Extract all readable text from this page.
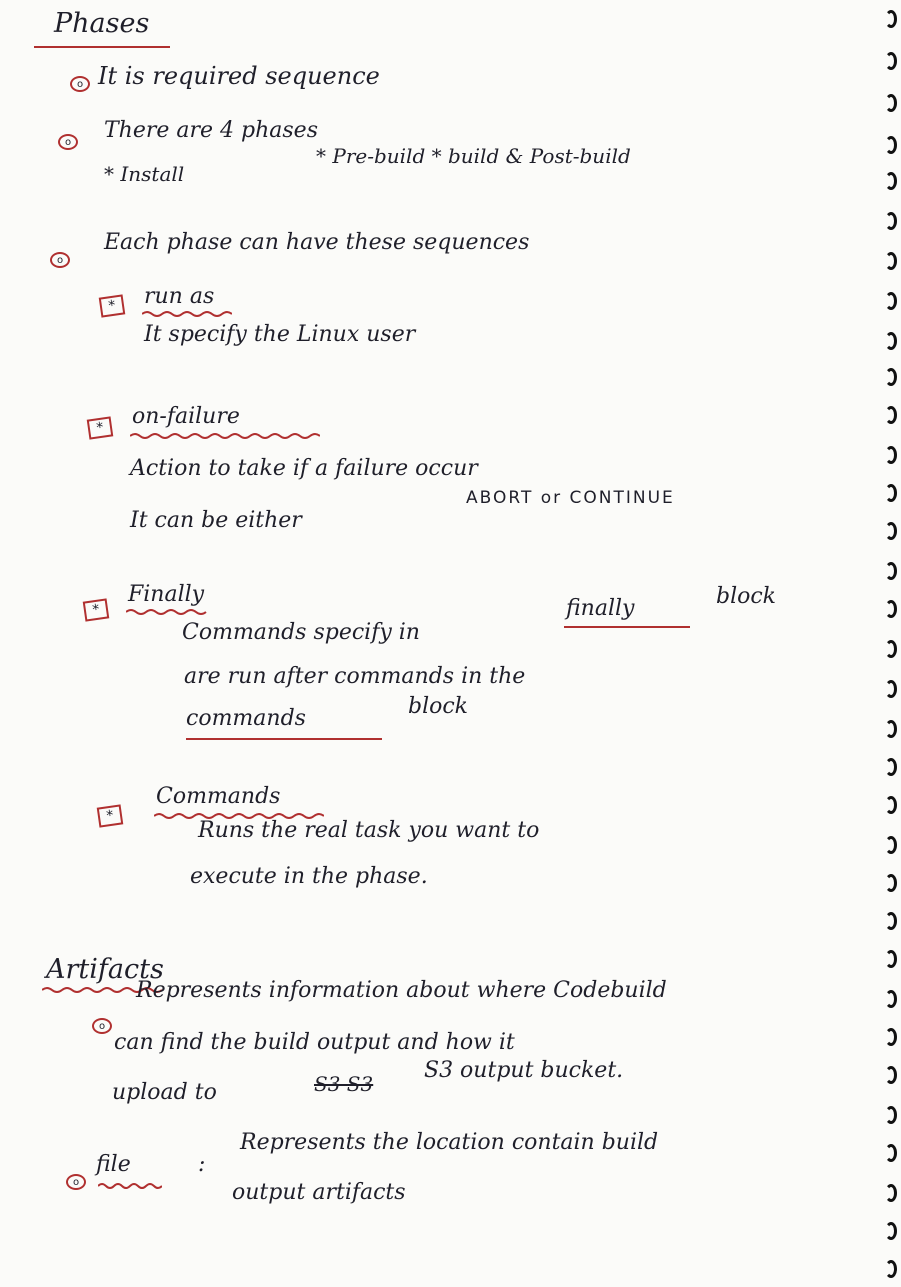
Phases
o It is required sequence
o	There are 4 phases
* Install
* Pre-build * build & Post-build
o
Each phase can have these sequences
*	run as
It specify the Linux user
*	on-failure
Action to take if a failure occur
It can be either
ABORT or CONTINUE
*
Finally
Commands specify in
finally	block
are run after commands in the
commands	block
*
Commands
Runs the real task you want to
execute in the phase.
Artifacts
o
Represents information about where Codebuild
can find the build output and how it
upload to	S3 S3
S3 output bucket.
o
file	:
Represents the location contain build
output artifacts
